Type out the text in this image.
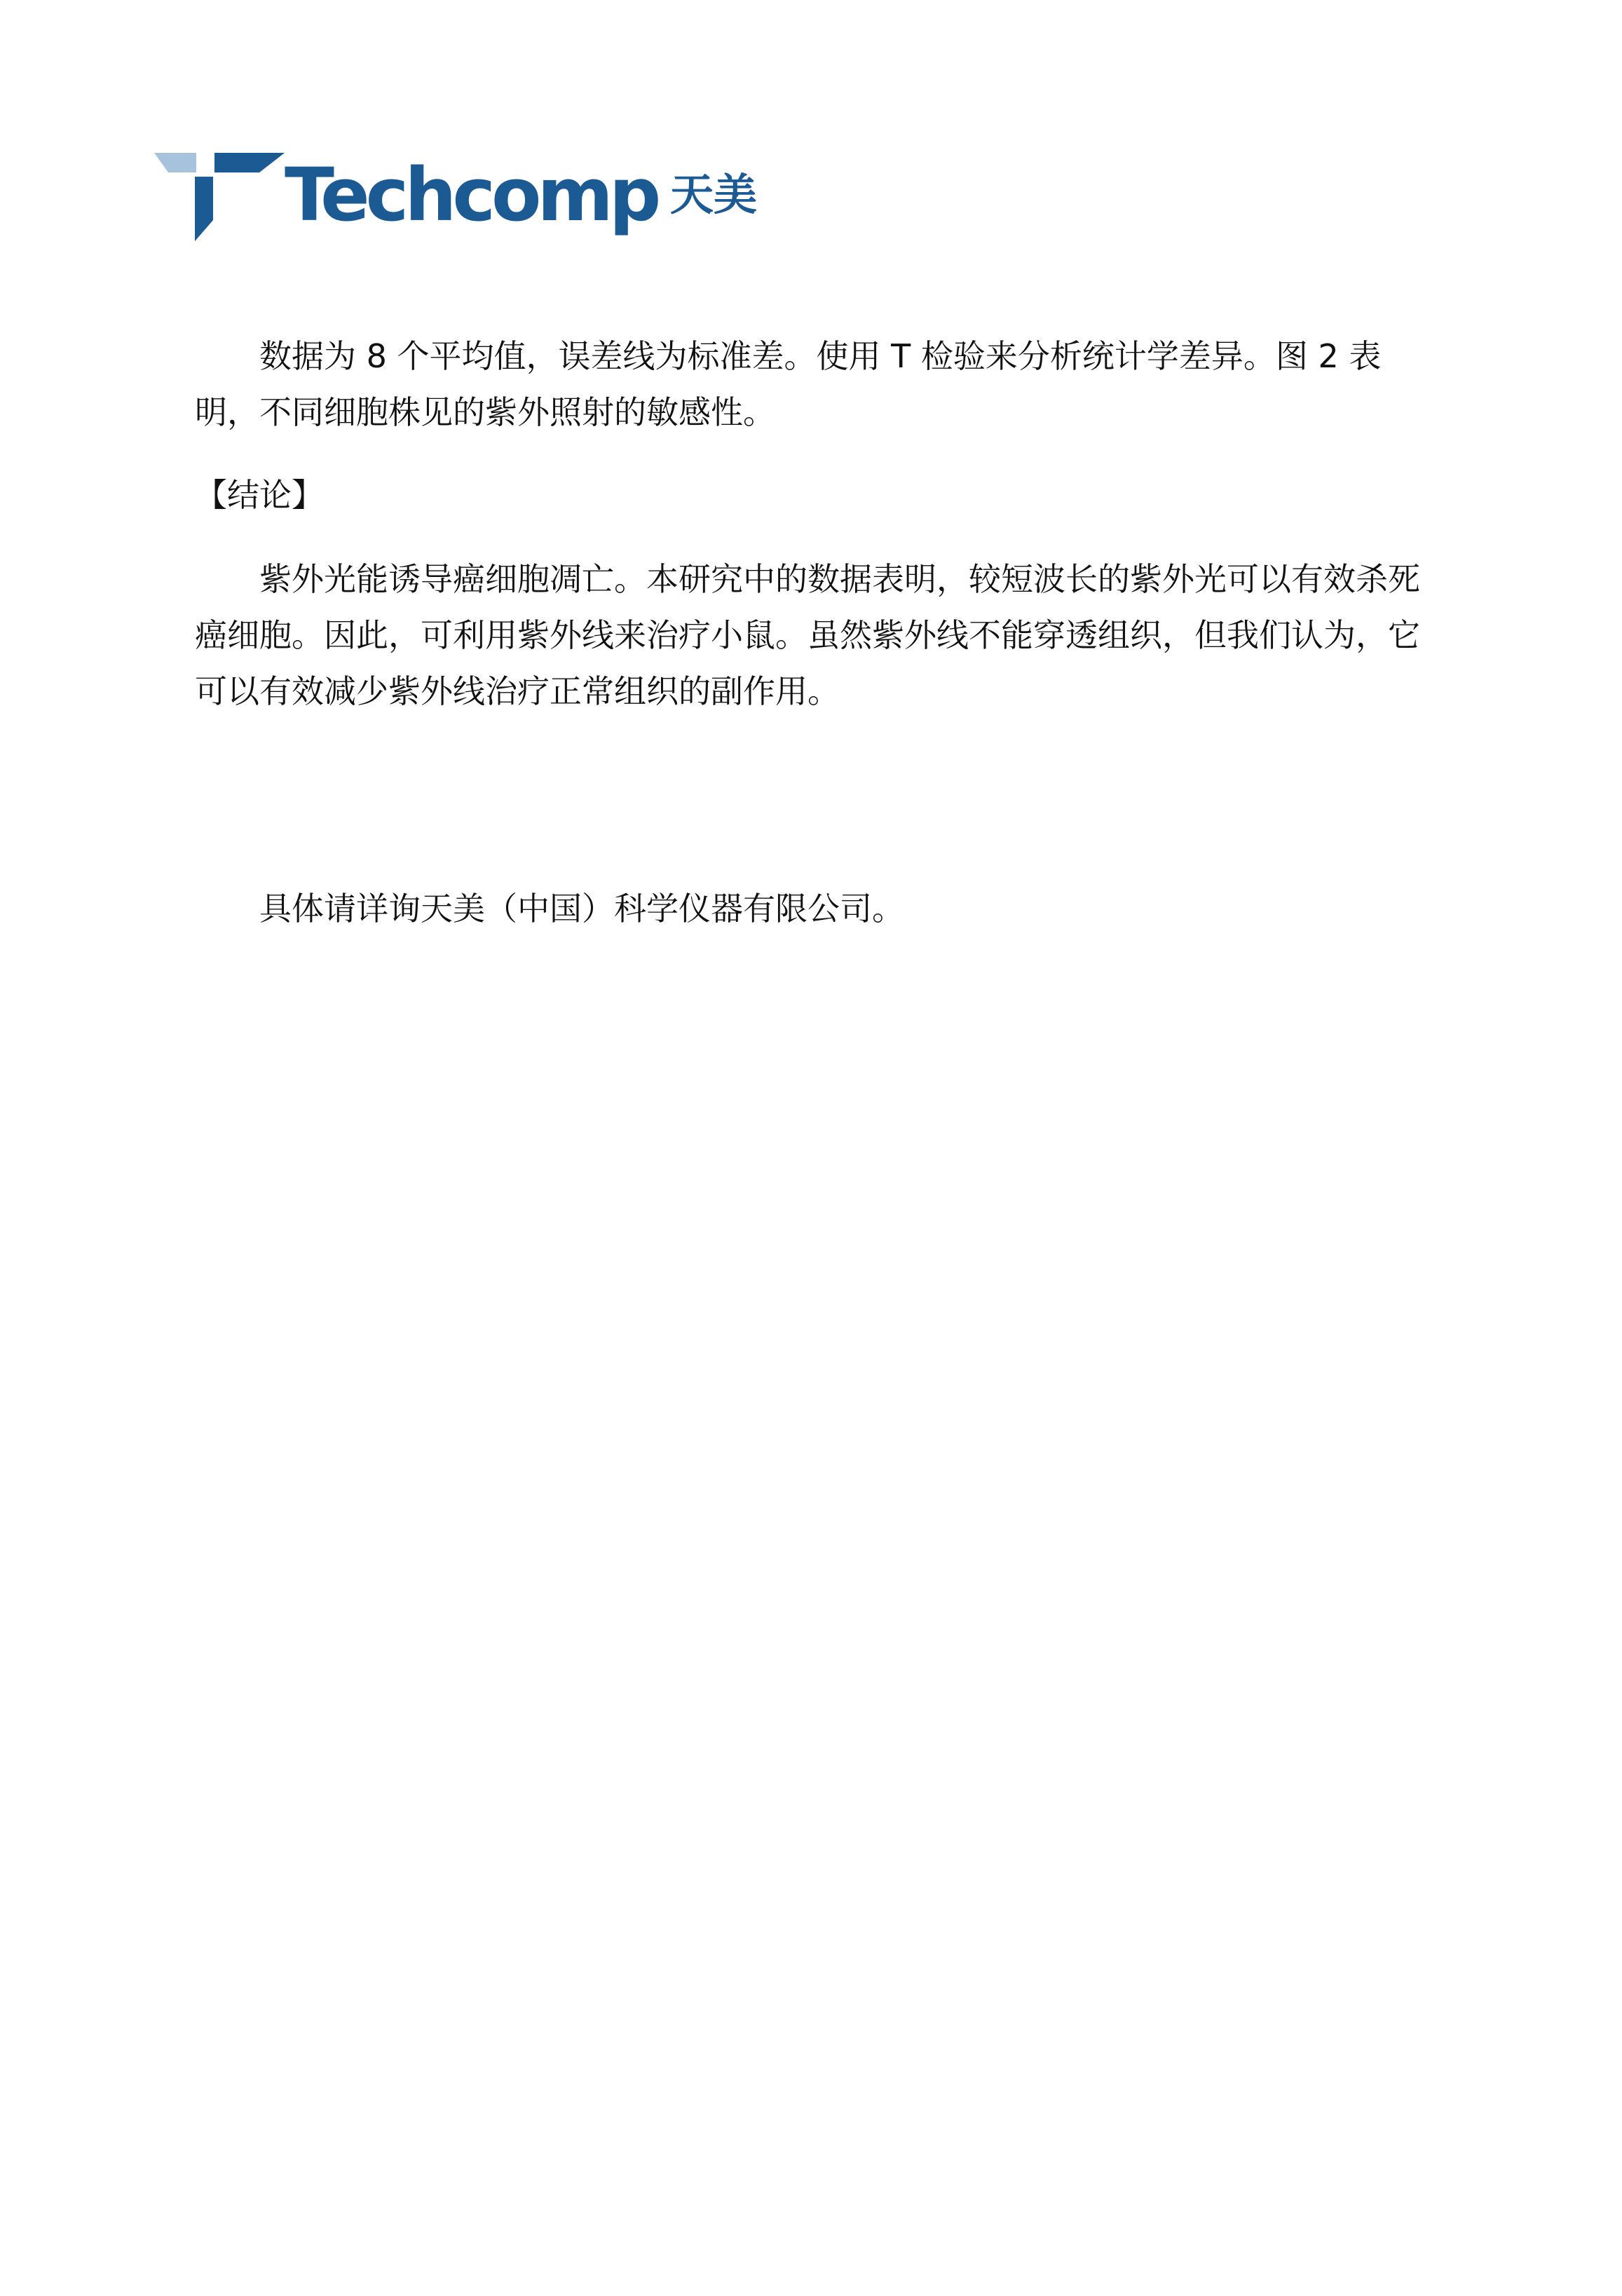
Techcomp 天美

数据为 8 个平均值，误差线为标准差。使用 T 检验来分析统计学差异。图 2 表明，不同细胞株见的紫外照射的敏感性。

【结论】

紫外光能诱导癌细胞凋亡。本研究中的数据表明，较短波长的紫外光可以有效杀死癌细胞。因此，可利用紫外线来治疗小鼠。虽然紫外线不能穿透组织，但我们认为，它可以有效减少紫外线治疗正常组织的副作用。

具体请详询天美（中国）科学仪器有限公司。
